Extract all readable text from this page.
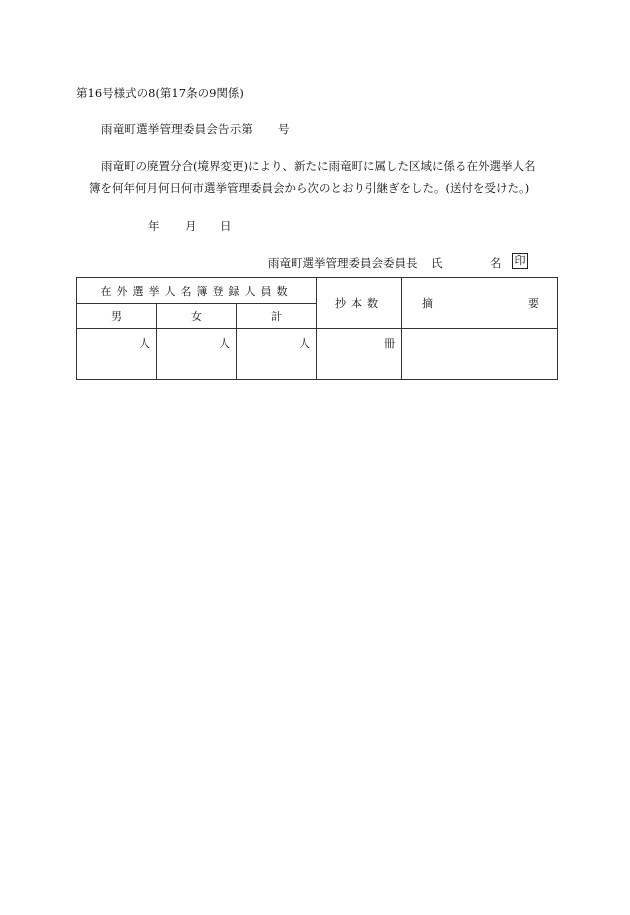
第16号様式の8(第17条の9関係)
雨竜町選挙管理委員会告示第 号
雨竜町の廃置分合(境界変更)により、新たに雨竜町に属した区域に係る在外選挙人名
簿を何年何月何日何市選挙管理委員会から次のとおり引継ぎをした。(送付を受けた。)
年 月 日
雨竜町選挙管理委員会委員長 氏	名 印
在外選挙人名簿登録人員数			抄本数	摘 要

男	女	計		
人	人	人	冊	
